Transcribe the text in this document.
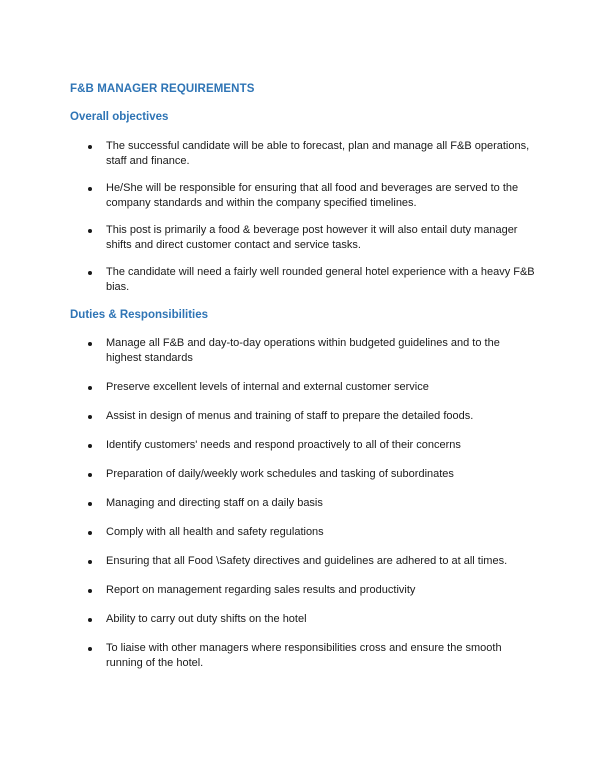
F&B MANAGER REQUIREMENTS
Overall objectives
The successful candidate will be able to forecast, plan and manage all F&B operations, staff and finance.
He/She will be responsible for ensuring that all food and beverages are served to the company standards and within the company specified timelines.
This post is primarily a food & beverage post however it will also entail duty manager shifts and direct customer contact and service tasks.
The candidate will need a fairly well rounded general hotel experience with a heavy F&B bias.
Duties & Responsibilities
Manage all F&B and day-to-day operations within budgeted guidelines and to the highest standards
Preserve excellent levels of internal and external customer service
Assist in design of menus and training of staff to prepare the detailed foods.
Identify customers' needs and respond proactively to all of their concerns
Preparation of daily/weekly work schedules and tasking of subordinates
Managing and directing staff on a daily basis
Comply with all health and safety regulations
Ensuring that all Food \Safety directives and guidelines are adhered to at all times.
Report on management regarding sales results and productivity
Ability to carry out duty shifts on the hotel
To liaise with other managers where responsibilities cross and ensure the smooth running of the hotel.
